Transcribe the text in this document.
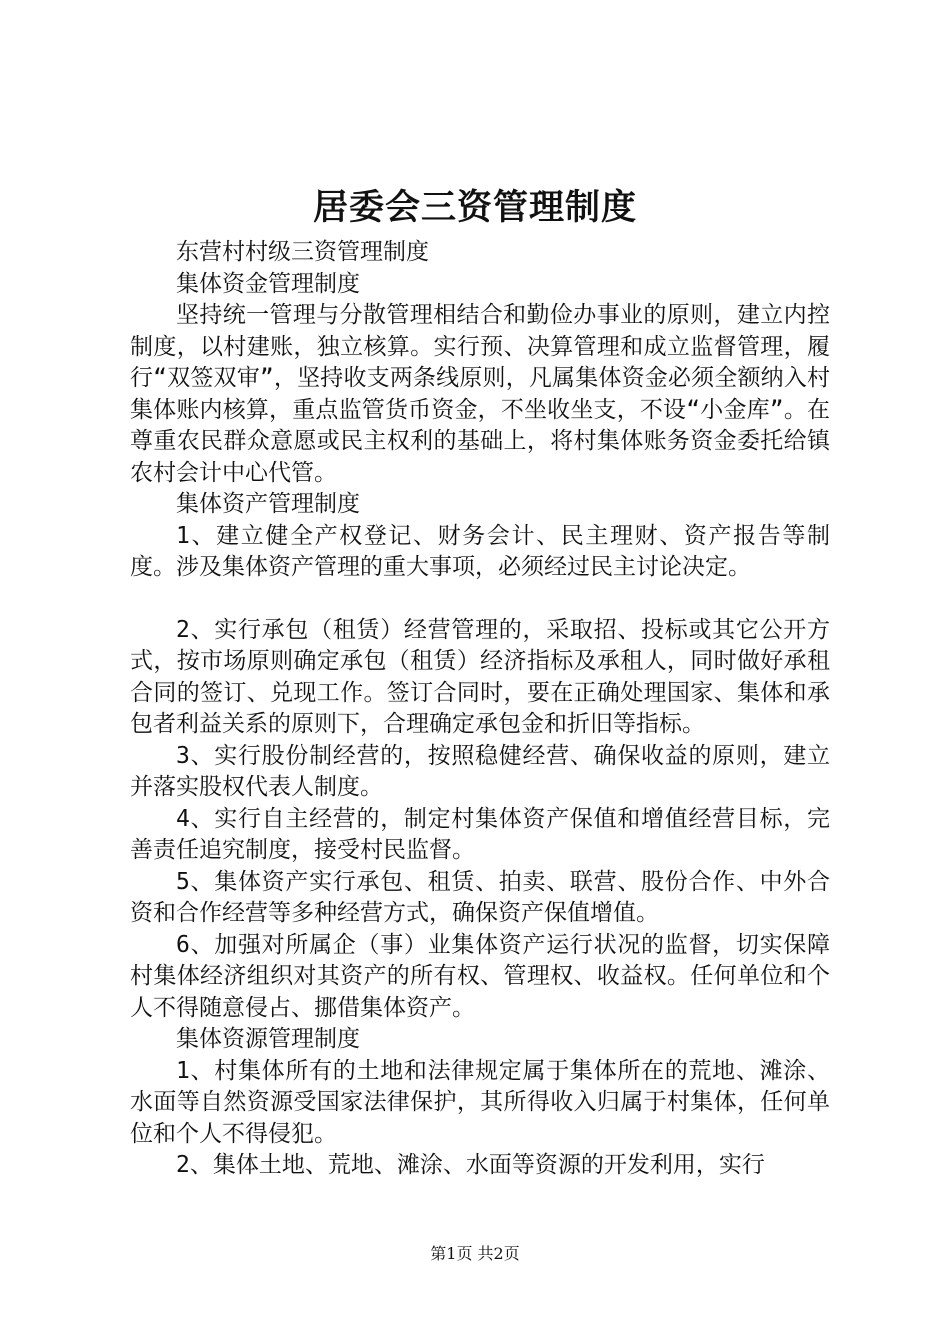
居委会三资管理制度

东营村村级三资管理制度

集体资金管理制度

坚持统一管理与分散管理相结合和勤俭办事业的原则，建立内控制度，以村建账，独立核算。实行预、决算管理和成立监督管理，履行“双签双审”，坚持收支两条线原则，凡属集体资金必须全额纳入村集体账内核算，重点监管货币资金，不坐收坐支，不设“小金库”。在尊重农民群众意愿或民主权利的基础上，将村集体账务资金委托给镇农村会计中心代管。

集体资产管理制度

1、建立健全产权登记、财务会计、民主理财、资产报告等制度。涉及集体资产管理的重大事项，必须经过民主讨论决定。

2、实行承包（租赁）经营管理的，采取招、投标或其它公开方式，按市场原则确定承包（租赁）经济指标及承租人，同时做好承租合同的签订、兑现工作。签订合同时，要在正确处理国家、集体和承包者利益关系的原则下，合理确定承包金和折旧等指标。

3、实行股份制经营的，按照稳健经营、确保收益的原则，建立并落实股权代表人制度。

4、实行自主经营的，制定村集体资产保值和增值经营目标，完善责任追究制度，接受村民监督。

5、集体资产实行承包、租赁、拍卖、联营、股份合作、中外合资和合作经营等多种经营方式，确保资产保值增值。

6、加强对所属企（事）业集体资产运行状况的监督，切实保障村集体经济组织对其资产的所有权、管理权、收益权。任何单位和个人不得随意侵占、挪借集体资产。

集体资源管理制度

1、村集体所有的土地和法律规定属于集体所在的荒地、滩涂、水面等自然资源受国家法律保护，其所得收入归属于村集体，任何单位和个人不得侵犯。

2、集体土地、荒地、滩涂、水面等资源的开发利用，实行

第1页 共2页
